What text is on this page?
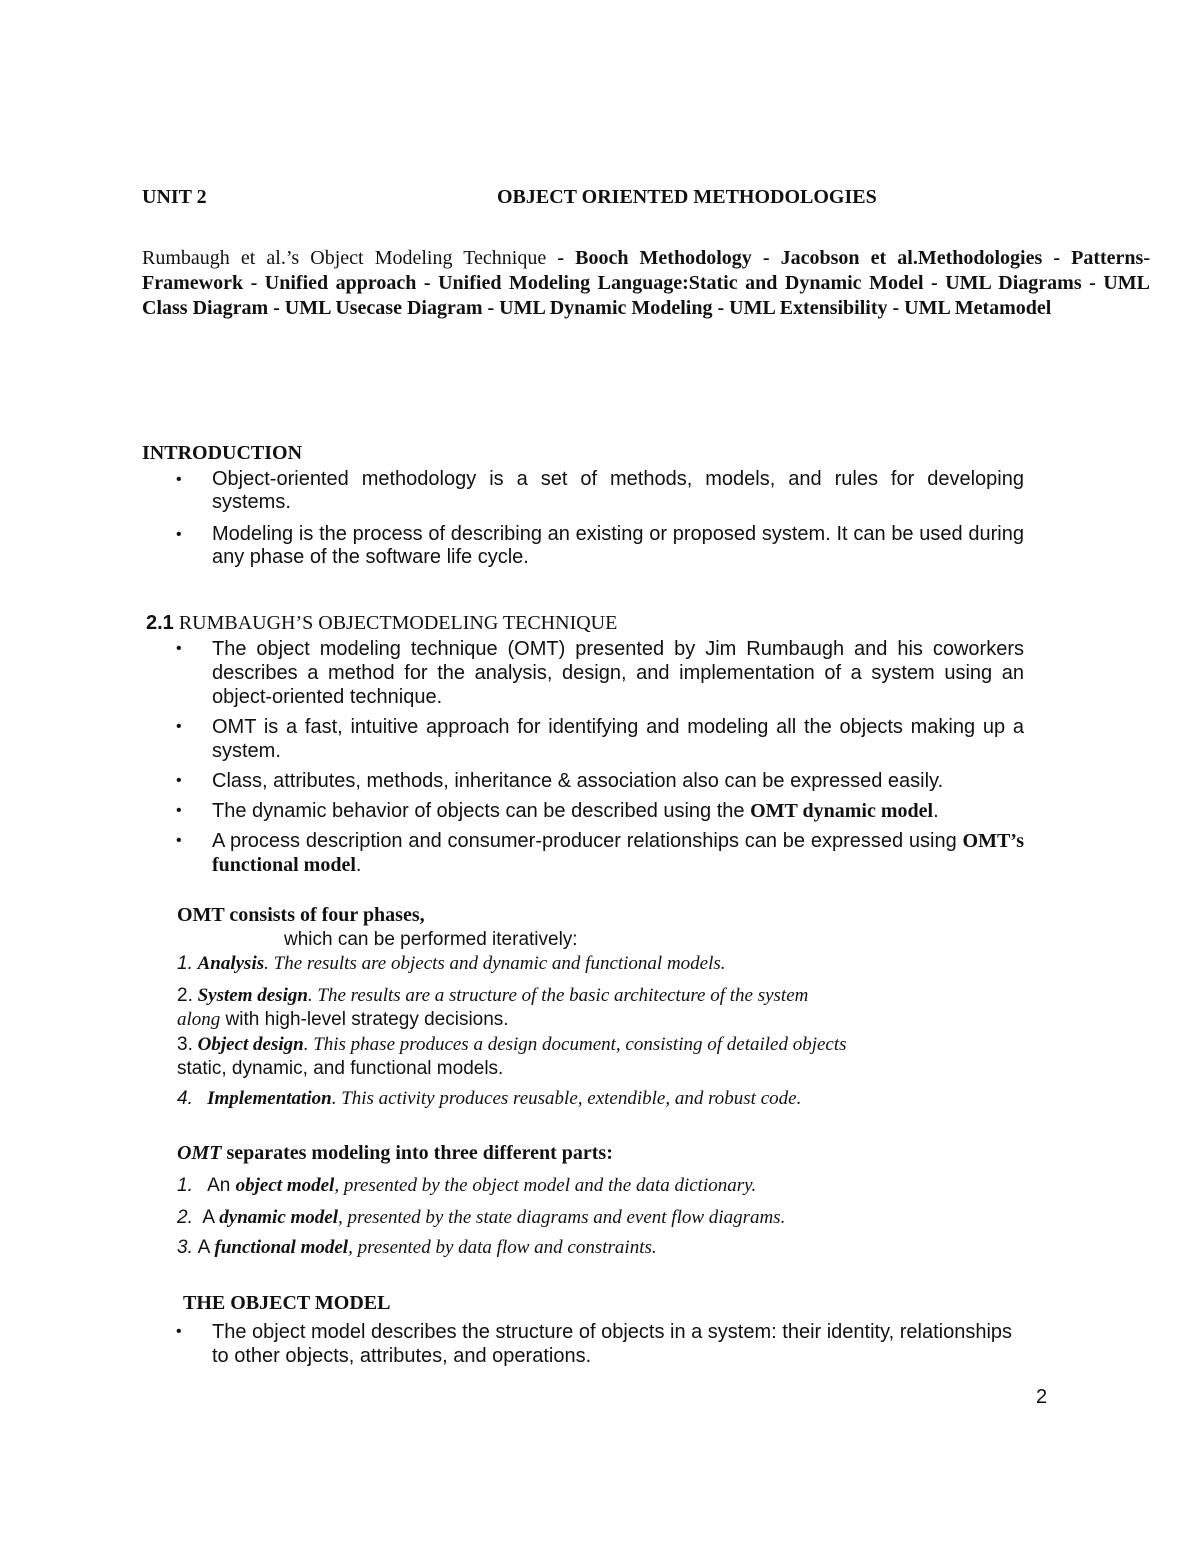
UNIT 2	OBJECT ORIENTED METHODOLOGIES
Rumbaugh et al.’s Object Modeling Technique - Booch Methodology - Jacobson et al.Methodologies - Patterns- Framework - Unified approach - Unified Modeling Language:Static and Dynamic Model - UML Diagrams - UML Class Diagram - UML Usecase Diagram - UML Dynamic Modeling - UML Extensibility - UML Metamodel
INTRODUCTION
• Object-oriented methodology is a set of methods, models, and rules for developing systems.
• Modeling is the process of describing an existing or proposed system. It can be used during any phase of the software life cycle.
2.1 RUMBAUGH’S OBJECTMODELING TECHNIQUE
• The object modeling technique (OMT) presented by Jim Rumbaugh and his coworkers describes a method for the analysis, design, and implementation of a system using an object-oriented technique.
• OMT is a fast, intuitive approach for identifying and modeling all the objects making up a system.
• Class, attributes, methods, inheritance & association also can be expressed easily.
• The dynamic behavior of objects can be described using the OMT dynamic model.
• A process description and consumer-producer relationships can be expressed using OMT’s functional model.
OMT consists of four phases,
which can be performed iteratively:
1. Analysis. The results are objects and dynamic and functional models.
2. System design. The results are a structure of the basic architecture of the system
along with high-level strategy decisions.
3. Object design. This phase produces a design document, consisting of detailed objects
static, dynamic, and functional models.
4. Implementation. This activity produces reusable, extendible, and robust code.
OMT separates modeling into three different parts:
1. An object model, presented by the object model and the data dictionary.
2. A dynamic model, presented by the state diagrams and event flow diagrams.
3. A functional model, presented by data flow and constraints.
THE OBJECT MODEL
• The object model describes the structure of objects in a system: their identity, relationships to other objects, attributes, and operations.
2
